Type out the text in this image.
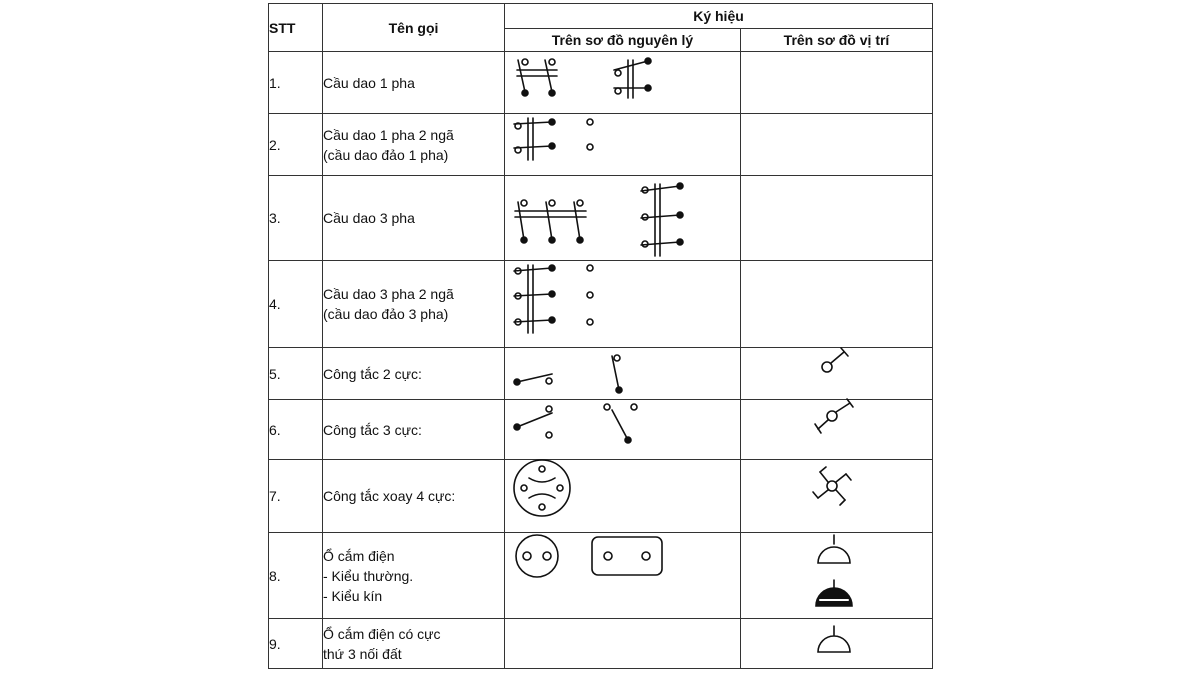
STT	Tên gọi	Ký hiệu	
		Trên sơ đồ nguyên lý	Trên sơ đồ vị trí
1.	Cầu dao 1 pha		

2.	Cầu dao 1 pha 2 ngã
(cầu dao đảo 1 pha)		

3.	Cầu dao 3 pha		

4.	Cầu dao 3 pha 2 ngã
(cầu dao đảo 3 pha)		

5.	Công tắc 2 cực:		

6.	Công tắc 3 cực:		

7.	Công tắc xoay 4 cực:		

8.	Ổ cắm điện
- Kiểu thường.
- Kiểu kín		

9.	Ổ cắm điện có cực
thứ 3 nối đất		
